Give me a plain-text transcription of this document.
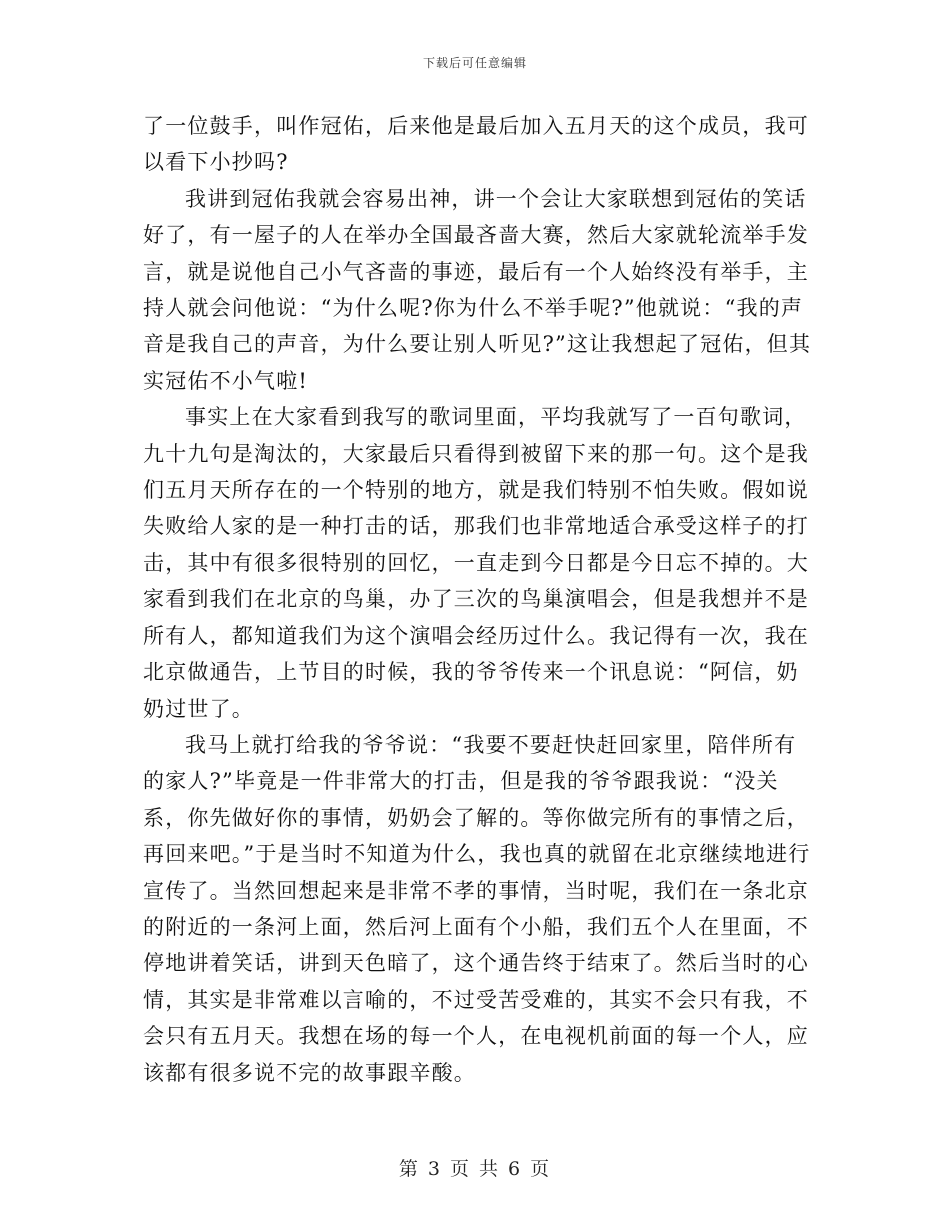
下载后可任意编辑

了一位鼓手，叫作冠佑，后来他是最后加入五月天的这个成员，我可以看下小抄吗?

我讲到冠佑我就会容易出神，讲一个会让大家联想到冠佑的笑话好了，有一屋子的人在举办全国最吝啬大赛，然后大家就轮流举手发言，就是说他自己小气吝啬的事迹，最后有一个人始终没有举手，主持人就会问他说：“为什么呢?你为什么不举手呢?”他就说：“我的声音是我自己的声音，为什么要让别人听见?”这让我想起了冠佑，但其实冠佑不小气啦!

事实上在大家看到我写的歌词里面，平均我就写了一百句歌词，九十九句是淘汰的，大家最后只看得到被留下来的那一句。这个是我们五月天所存在的一个特别的地方，就是我们特别不怕失败。假如说失败给人家的是一种打击的话，那我们也非常地适合承受这样子的打击，其中有很多很特别的回忆，一直走到今日都是今日忘不掉的。大家看到我们在北京的鸟巢，办了三次的鸟巢演唱会，但是我想并不是所有人，都知道我们为这个演唱会经历过什么。我记得有一次，我在北京做通告，上节目的时候，我的爷爷传来一个讯息说：“阿信，奶奶过世了。

我马上就打给我的爷爷说：“我要不要赶快赶回家里，陪伴所有的家人?”毕竟是一件非常大的打击，但是我的爷爷跟我说：“没关系，你先做好你的事情，奶奶会了解的。等你做完所有的事情之后，再回来吧。”于是当时不知道为什么，我也真的就留在北京继续地进行宣传了。当然回想起来是非常不孝的事情，当时呢，我们在一条北京的附近的一条河上面，然后河上面有个小船，我们五个人在里面，不停地讲着笑话，讲到天色暗了，这个通告终于结束了。然后当时的心情，其实是非常难以言喻的，不过受苦受难的，其实不会只有我，不会只有五月天。我想在场的每一个人，在电视机前面的每一个人，应该都有很多说不完的故事跟辛酸。

第 3 页 共 6 页
